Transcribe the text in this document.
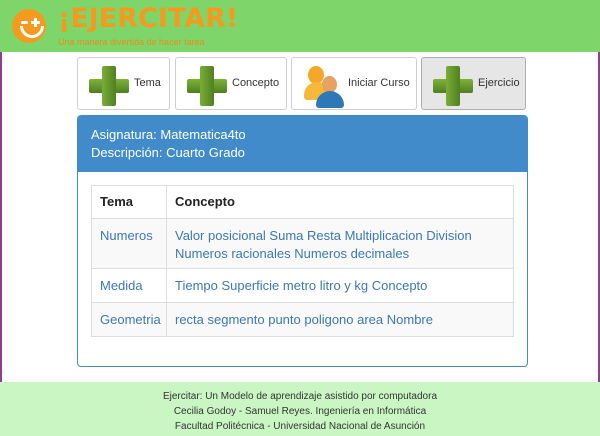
¡EJERCITAR!
Una manera divertida de hacer tarea
Tema	Concepto	Iniciar Curso	Ejercicio
Asignatura: Matematica4to
Descripción: Cuarto Grado
Tema	Concepto
Numeros	Valor posicional Suma Resta Multiplicacion Division
Numeros racionales Numeros decimales
Medida	Tiempo Superficie metro litro y kg Concepto
Geometria	recta segmento punto poligono area Nombre
Ejercitar: Un Modelo de aprendizaje asistido por computadora
Cecilia Godoy - Samuel Reyes. Ingeniería en Informática
Facultad Politécnica - Universidad Nacional de Asunción
